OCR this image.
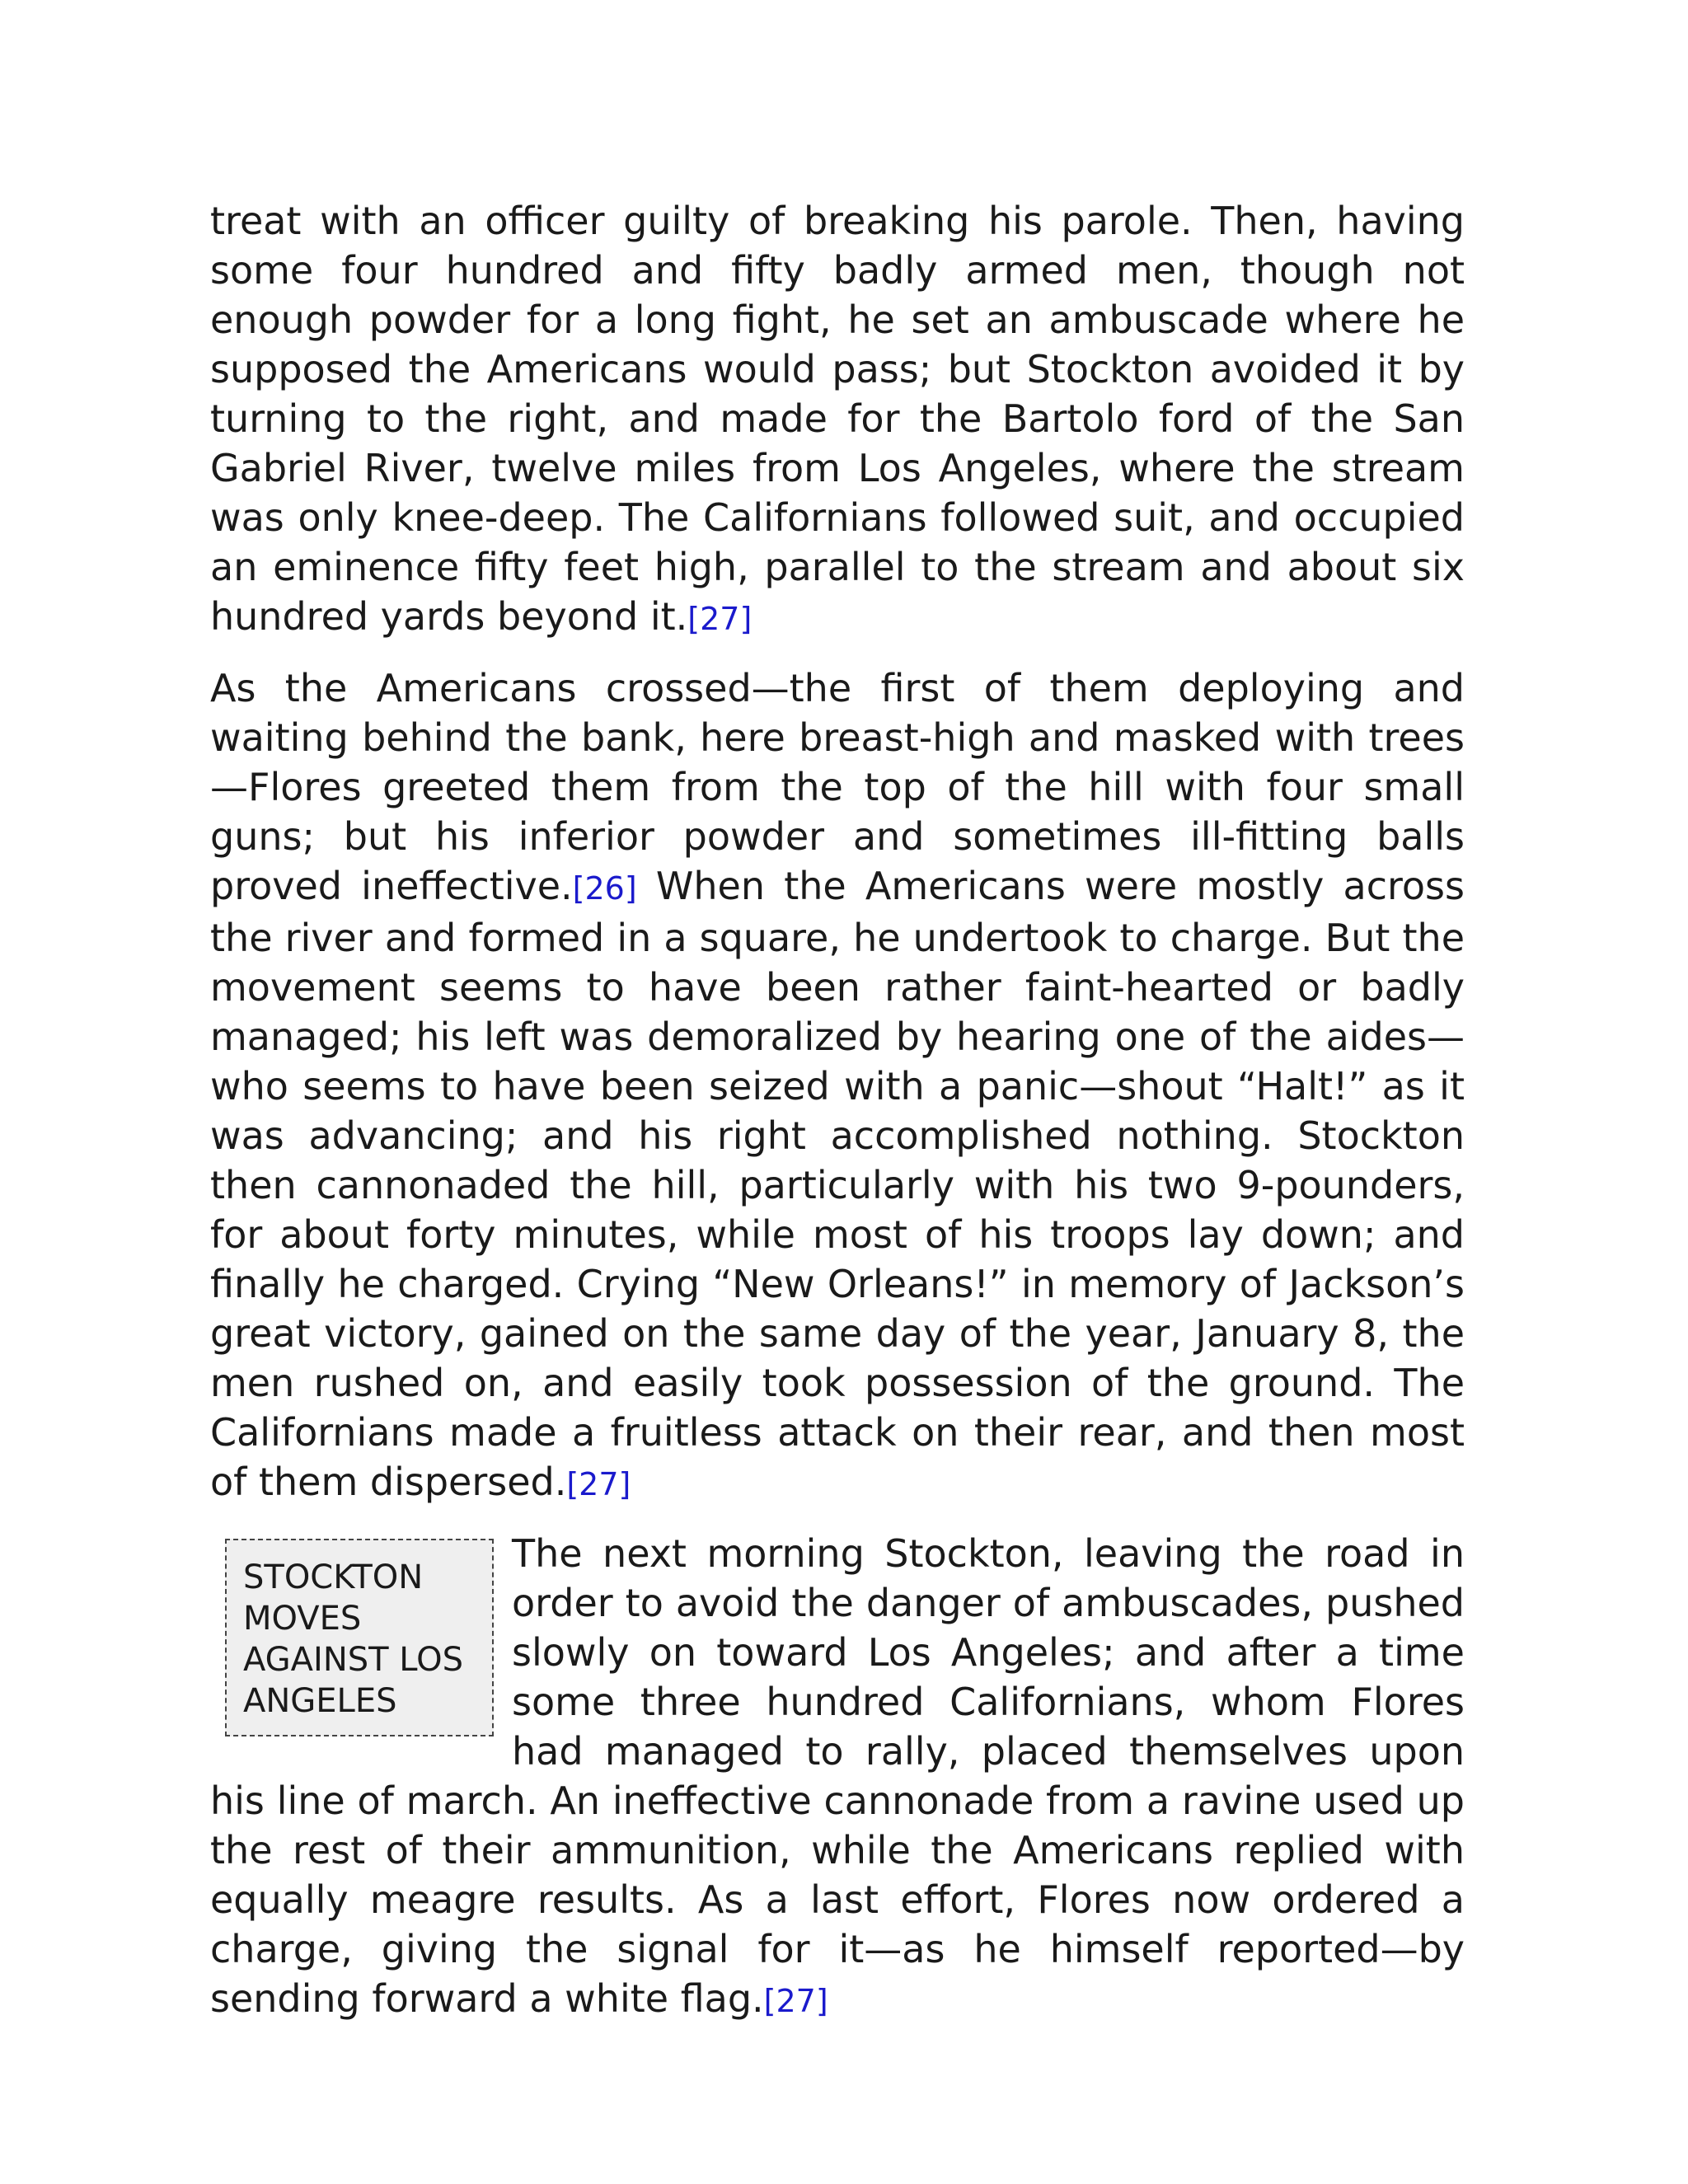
treat with an officer guilty of breaking his parole. Then, having some four hundred and fifty badly armed men, though not enough powder for a long fight, he set an ambuscade where he supposed the Americans would pass; but Stockton avoided it by turning to the right, and made for the Bartolo ford of the San Gabriel River, twelve miles from Los Angeles, where the stream was only knee-deep. The Californians followed suit, and occupied an eminence fifty feet high, parallel to the stream and about six hundred yards beyond it.[27]

As the Americans crossed—the first of them deploying and waiting behind the bank, here breast-high and masked with trees—Flores greeted them from the top of the hill with four small guns; but his inferior powder and sometimes ill-fitting balls proved ineffective.[26] When the Americans were mostly across the river and formed in a square, he undertook to charge. But the movement seems to have been rather faint-hearted or badly managed; his left was demoralized by hearing one of the aides—who seems to have been seized with a panic—shout “Halt!” as it was advancing; and his right accomplished nothing. Stockton then cannonaded the hill, particularly with his two 9-pounders, for about forty minutes, while most of his troops lay down; and finally he charged. Crying “New Orleans!” in memory of Jackson’s great victory, gained on the same day of the year, January 8, the men rushed on, and easily took possession of the ground. The Californians made a fruitless attack on their rear, and then most of them dispersed.[27]

STOCKTON MOVES AGAINST LOS ANGELES
The next morning Stockton, leaving the road in order to avoid the danger of ambuscades, pushed slowly on toward Los Angeles; and after a time some three hundred Californians, whom Flores had managed to rally, placed themselves upon his line of march. An ineffective cannonade from a ravine used up the rest of their ammunition, while the Americans replied with equally meagre results. As a last effort, Flores now ordered a charge, giving the signal for it—as he himself reported—by sending forward a white flag.[27]
